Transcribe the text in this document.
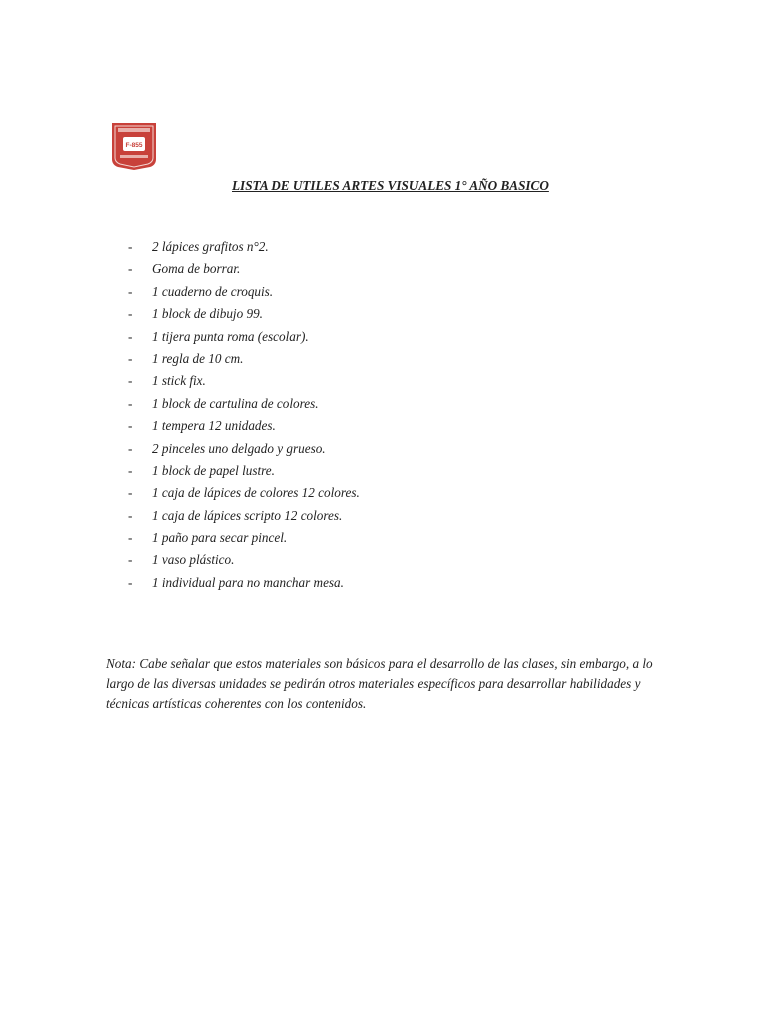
F-855
LISTA DE UTILES ARTES VISUALES 1° AÑO BASICO
- 2 lápices grafitos n°2.
- Goma de borrar.
- 1 cuaderno de croquis.
- 1 block de dibujo 99.
- 1 tijera punta roma (escolar).
- 1 regla de 10 cm.
- 1 stick fix.
- 1 block de cartulina de colores.
- 1 tempera 12 unidades.
- 2 pinceles uno delgado y grueso.
- 1 block de papel lustre.
- 1 caja de lápices de colores 12 colores.
- 1 caja de lápices scripto 12 colores.
- 1 paño para secar pincel.
- 1 vaso plástico.
- 1 individual para no manchar mesa.

Nota: Cabe señalar que estos materiales son básicos para el desarrollo de las clases, sin embargo, a lo largo de las diversas unidades se pedirán otros materiales específicos para desarrollar habilidades y técnicas artísticas coherentes con los contenidos.
